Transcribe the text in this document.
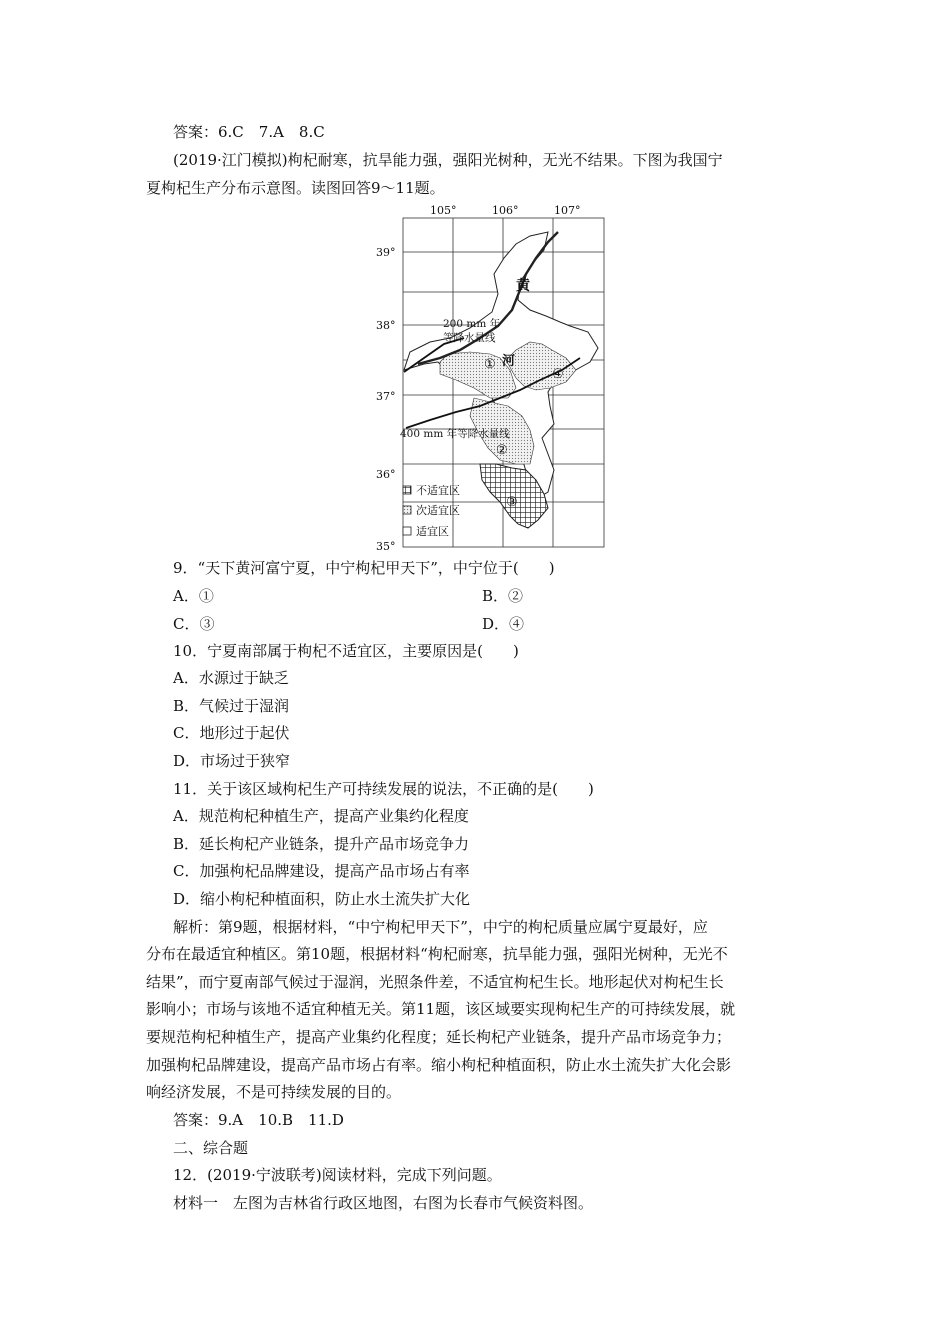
答案：6.C　7.A　8.C
(2019·江门模拟)枸杞耐寒，抗旱能力强，强阳光树种，无光不结果。下图为我国宁
夏枸杞生产分布示意图。读图回答9～11题。
105°	106°	107°
39°
38°
37°
36°
35°
黄
河
200 mm 年
等降水量线
400 mm 年等降水量线
①
②
③
④
不适宜区
次适宜区
适宜区
9．“天下黄河富宁夏，中宁枸杞甲天下”，中宁位于(　　)
A．①	B．②
C．③	D．④
10．宁夏南部属于枸杞不适宜区，主要原因是(　　)
A．水源过于缺乏
B．气候过于湿润
C．地形过于起伏
D．市场过于狭窄
11．关于该区域枸杞生产可持续发展的说法，不正确的是(　　)
A．规范枸杞种植生产，提高产业集约化程度
B．延长枸杞产业链条，提升产品市场竞争力
C．加强枸杞品牌建设，提高产品市场占有率
D．缩小枸杞种植面积，防止水土流失扩大化
解析：第9题，根据材料，“中宁枸杞甲天下”，中宁的枸杞质量应属宁夏最好，应
分布在最适宜种植区。第10题，根据材料“枸杞耐寒，抗旱能力强，强阳光树种，无光不
结果”，而宁夏南部气候过于湿润，光照条件差，不适宜枸杞生长。地形起伏对枸杞生长
影响小；市场与该地不适宜种植无关。第11题，该区域要实现枸杞生产的可持续发展，就
要规范枸杞种植生产，提高产业集约化程度；延长枸杞产业链条，提升产品市场竞争力；
加强枸杞品牌建设，提高产品市场占有率。缩小枸杞种植面积，防止水土流失扩大化会影
响经济发展，不是可持续发展的目的。
答案：9.A　10.B　11.D
二、综合题
12．(2019·宁波联考)阅读材料，完成下列问题。
材料一　左图为吉林省行政区地图，右图为长春市气候资料图。
